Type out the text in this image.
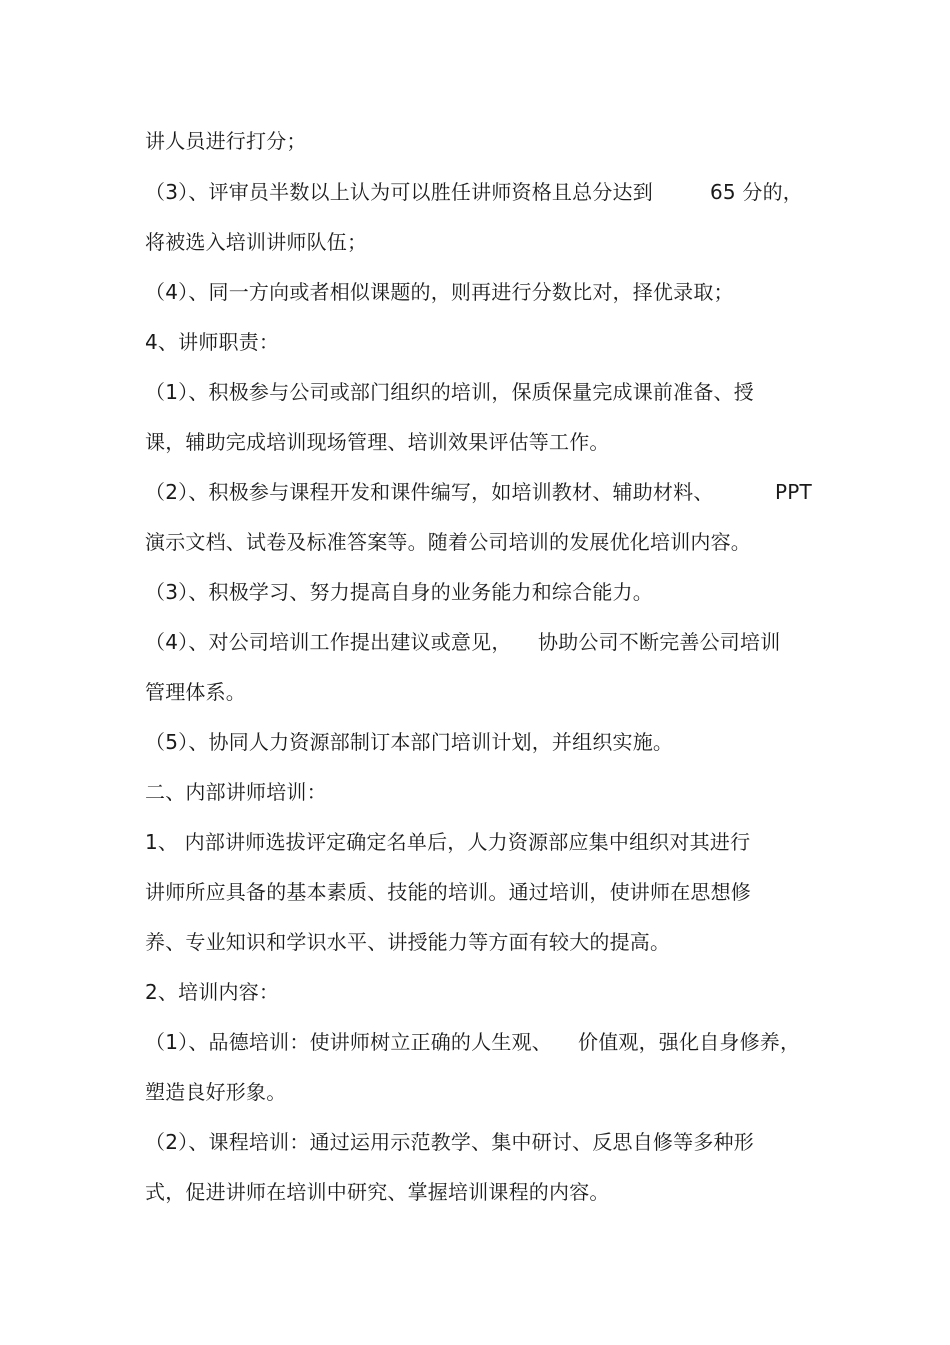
讲人员进行打分；
（3）、评审员半数以上认为可以胜任讲师资格且总分达到	65 分的，
将被选入培训讲师队伍；
（4）、同一方向或者相似课题的，则再进行分数比对，择优录取；
4、讲师职责：
（1）、积极参与公司或部门组织的培训，保质保量完成课前准备、授
课，辅助完成培训现场管理、培训效果评估等工作。
（2）、积极参与课程开发和课件编写，如培训教材、辅助材料、	PPT
演示文档、试卷及标准答案等。随着公司培训的发展优化培训内容。
（3）、积极学习、努力提高自身的业务能力和综合能力。
（4）、对公司培训工作提出建议或意见， 协助公司不断完善公司培训
管理体系。
（5）、协同人力资源部制订本部门培训计划，并组织实施。
二、内部讲师培训：
1、 内部讲师选拔评定确定名单后，人力资源部应集中组织对其进行
讲师所应具备的基本素质、技能的培训。通过培训，使讲师在思想修
养、专业知识和学识水平、讲授能力等方面有较大的提高。
2、培训内容：
（1）、品德培训：使讲师树立正确的人生观、 价值观，强化自身修养，
塑造良好形象。
（2）、课程培训：通过运用示范教学、集中研讨、反思自修等多种形
式，促进讲师在培训中研究、掌握培训课程的内容。
